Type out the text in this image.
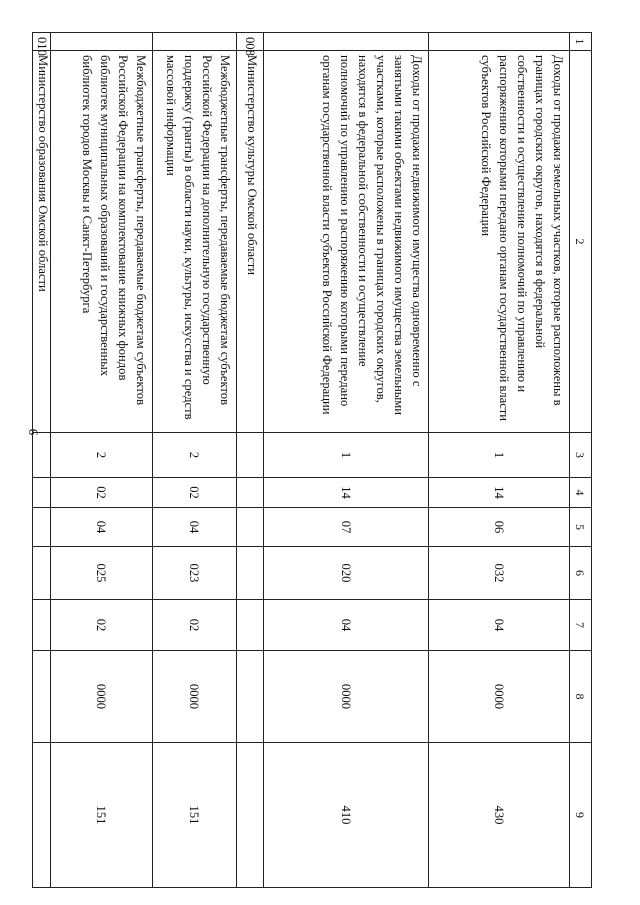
9
1	2	3	4	5	6	7	8	9
	Доходы от продажи земельных участков, которые расположены в границах городских округов, находятся в федеральной собственности и осуществление полномочий по управлению и распоряжению которыми передано органам государственной власти субъектов Российской Федерации	1	14	06	032	04	0000	430
	Доходы от продажи недвижимого имущества одновременно с занятыми такими объектами недвижимого имущества земельными участками, которые расположены в границах городских округов, находятся в федеральной собственности и осуществление полномочий по управлению и распоряжению которыми передано органам государственной власти субъектов Российской Федерации	1	14	07	020	04	0000	410
008	Министерство культуры Омской области							
	Межбюджетные трансферты, передаваемые бюджетам субъектов Российской Федерации на дополнительную государственную поддержку (гранты) в области науки, культуры, искусства и средств массовой информации	2	02	04	023	02	0000	151
	Межбюджетные трансферты, передаваемые бюджетам субъектов Российской Федерации на комплектование книжных фондов библиотек муниципальных образований и государственных библиотек городов Москвы и Санкт-Петербурга	2	02	04	025	02	0000	151
010	Министерство образования Омской области							
